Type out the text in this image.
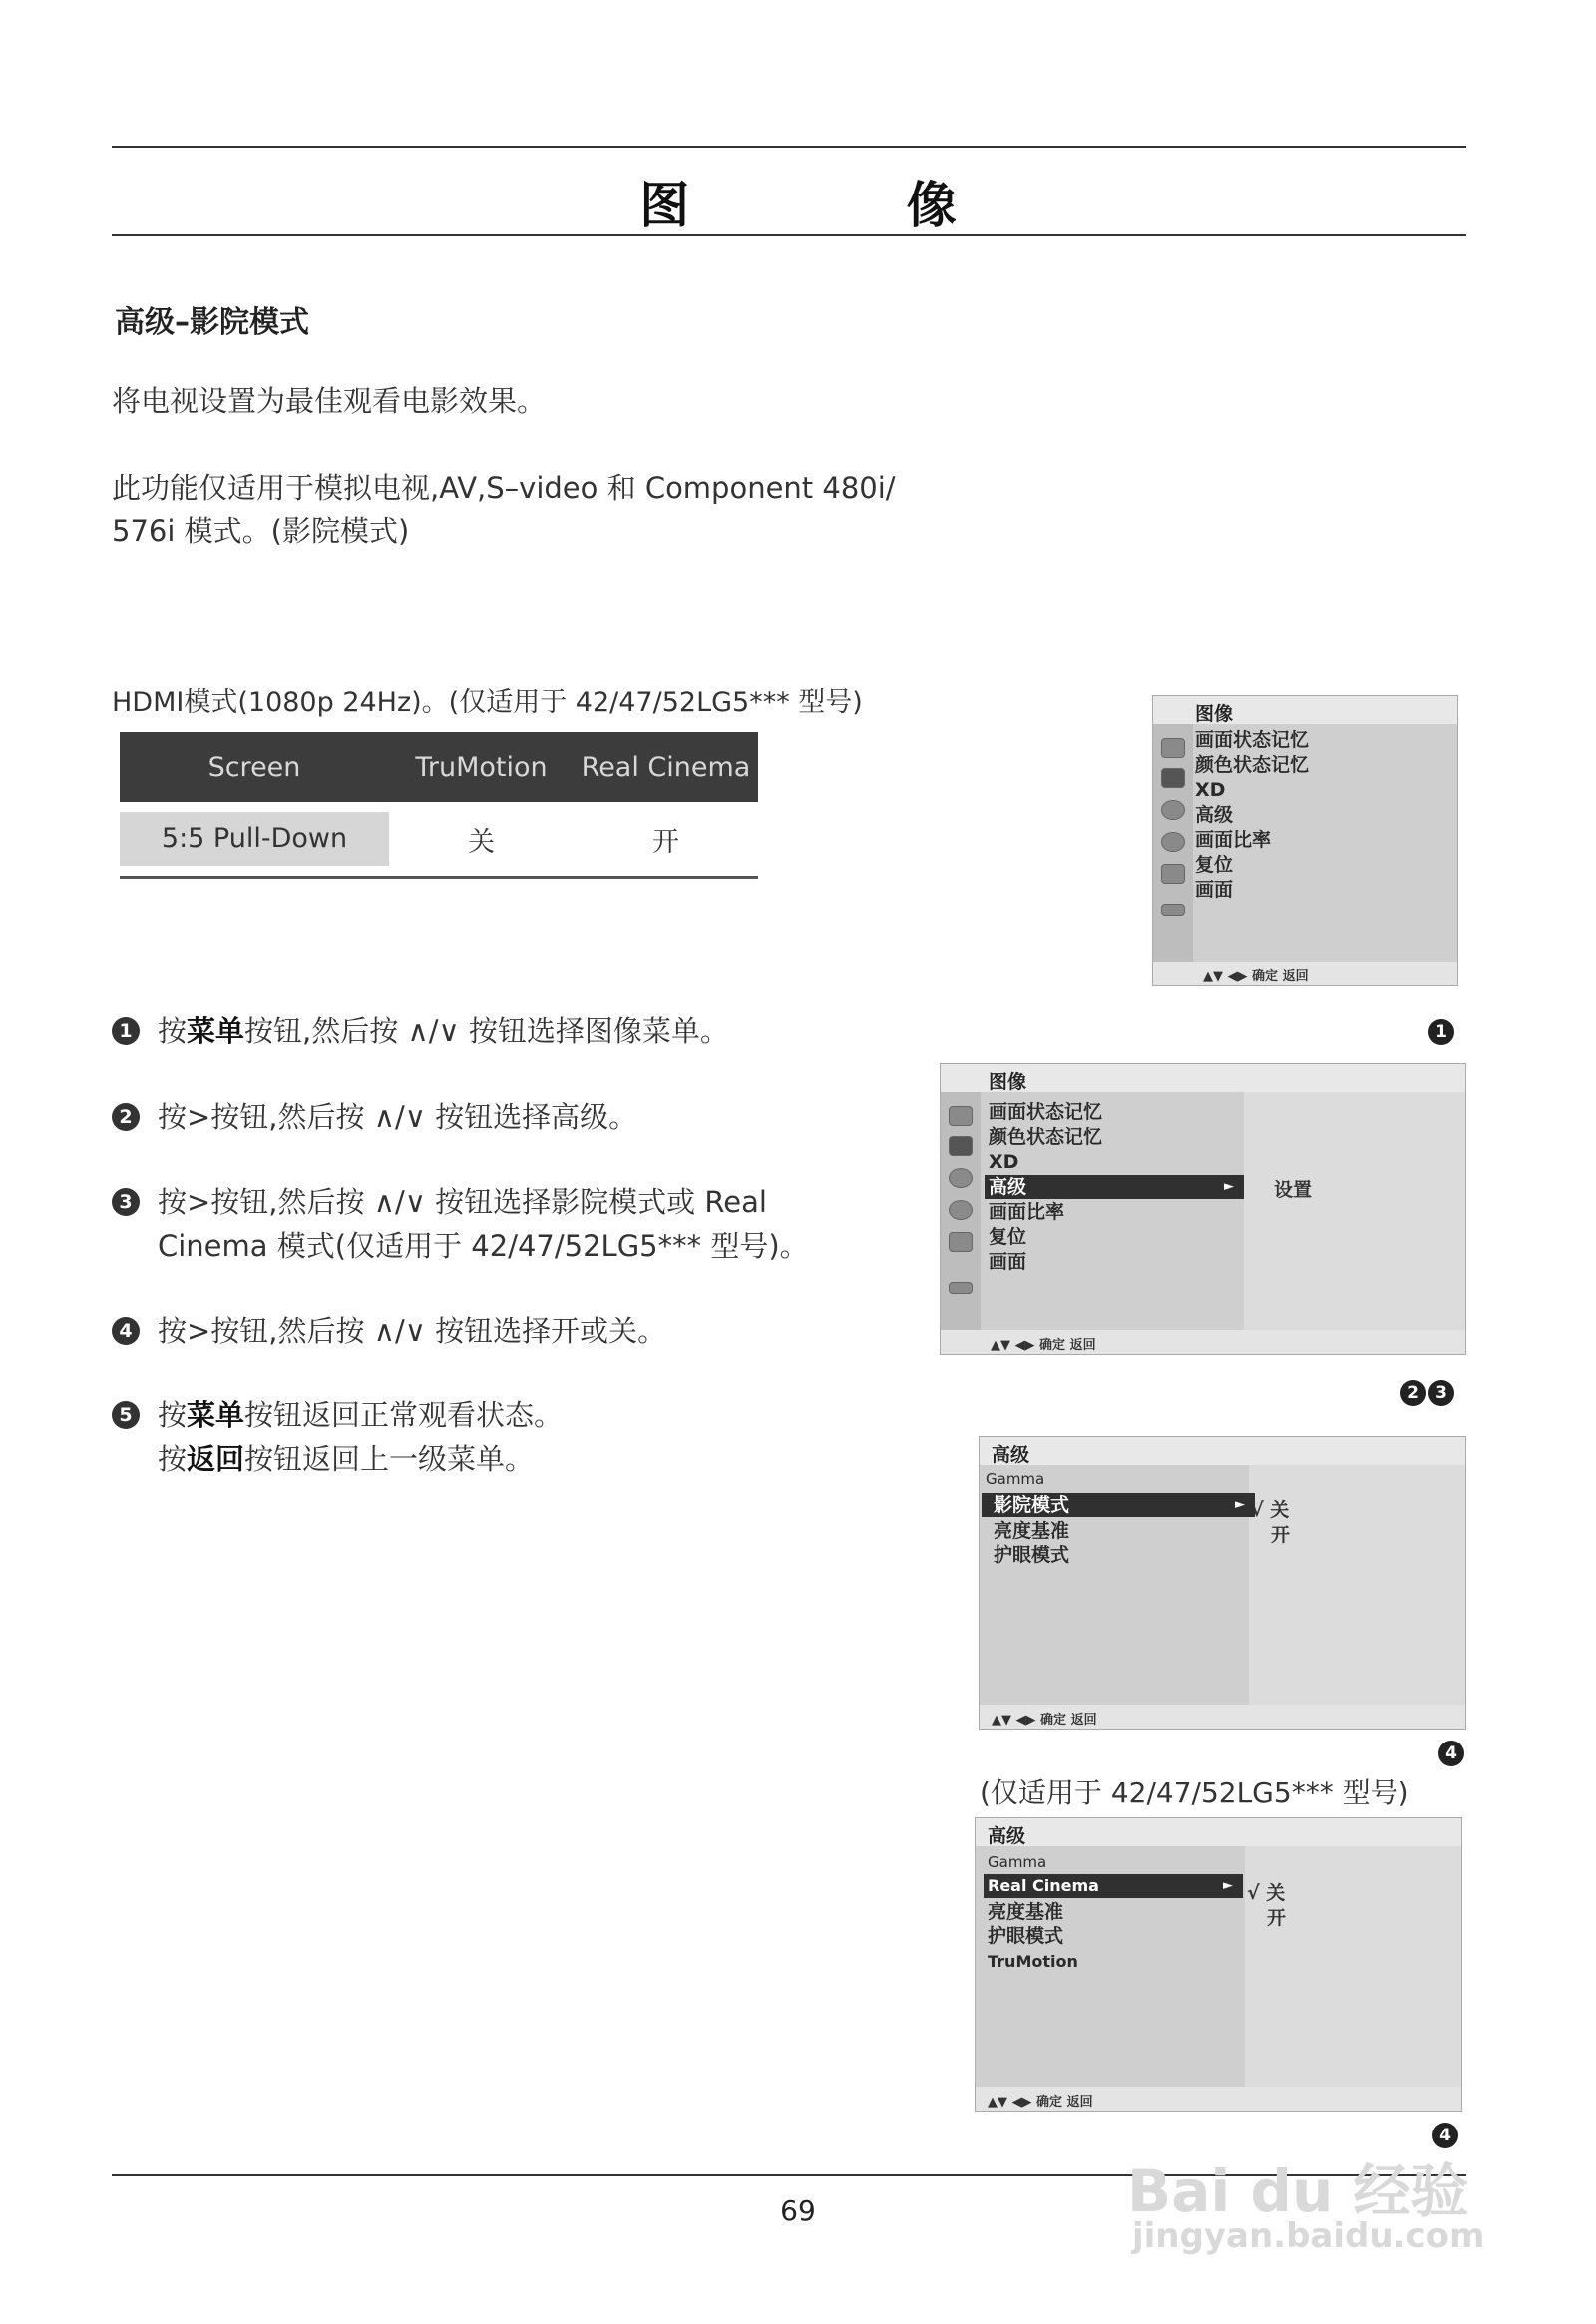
图 像
高级–影院模式
将电视设置为最佳观看电影效果。
此功能仅适用于模拟电视,AV,S–video 和 Component 480i/
576i 模式。(影院模式)
HDMI模式(1080p 24Hz)。(仅适用于 42/47/52LG5*** 型号)
Screen	TruMotion	Real Cinema
5:5 Pull-Down	关	开
1 按菜单按钮,然后按 ∧/∨ 按钮选择图像菜单。
2 按>按钮,然后按 ∧/∨ 按钮选择高级。
3 按>按钮,然后按 ∧/∨ 按钮选择影院模式或 Real
Cinema 模式(仅适用于 42/47/52LG5*** 型号)。
4 按>按钮,然后按 ∧/∨ 按钮选择开或关。
5 按菜单按钮返回正常观看状态。
按返回按钮返回上一级菜单。
图像
画面状态记忆
颜色状态记忆
XD
高级
画面比率
复位
画面
▲▼ ◀▶ 确定 返回
1
图像
画面状态记忆
颜色状态记忆
XD
高级	►
画面比率
复位
画面
设置
▲▼ ◀▶ 确定 返回
2 3
高级
Gamma
影院模式	►
亮度基准
护眼模式
√ 关
开
▲▼ ◀▶ 确定 返回
4
(仅适用于 42/47/52LG5*** 型号)
高级
Gamma
Real Cinema	►
亮度基准
护眼模式
TruMotion
√ 关
开
▲▼ ◀▶ 确定 返回
4
69	Bai du 经验
jingyan.baidu.com
